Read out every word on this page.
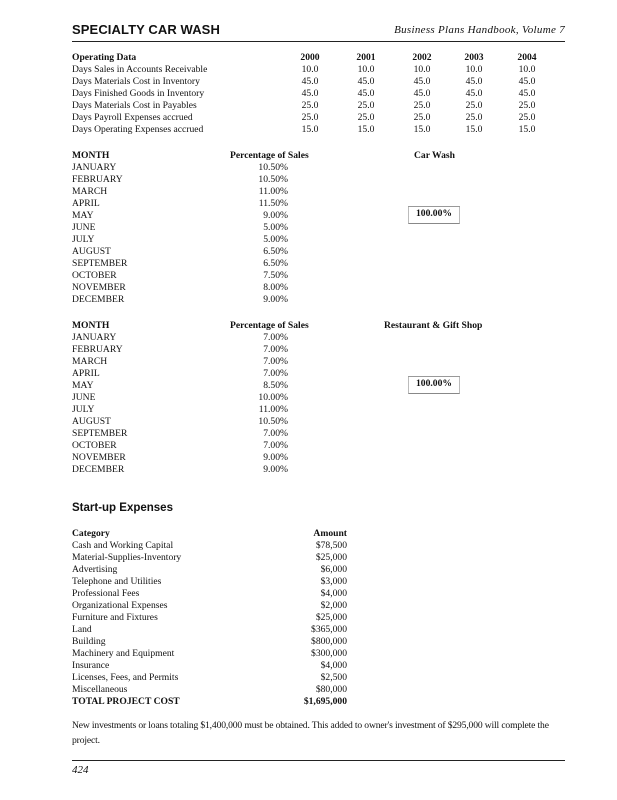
SPECIALTY CAR WASH	Business Plans Handbook, Volume 7
Operating Data	2000	2001	2002	2003	2004
Days Sales in Accounts Receivable	10.0	10.0	10.0	10.0	10.0
Days Materials Cost in Inventory	45.0	45.0	45.0	45.0	45.0
Days Finished Goods in Inventory	45.0	45.0	45.0	45.0	45.0
Days Materials Cost in Payables	25.0	25.0	25.0	25.0	25.0
Days Payroll Expenses accrued	25.0	25.0	25.0	25.0	25.0
Days Operating Expenses accrued	15.0	15.0	15.0	15.0	15.0
MONTH	Percentage of Sales	Car Wash
JANUARY	10.50%
FEBRUARY	10.50%
MARCH	11.00%
APRIL	11.50%
MAY	9.00%
JUNE	5.00%
JULY	5.00%
AUGUST	6.50%
SEPTEMBER	6.50%
OCTOBER	7.50%
NOVEMBER	8.00%
DECEMBER	9.00%
100.00%
MONTH	Percentage of Sales	Restaurant & Gift Shop
JANUARY	7.00%
FEBRUARY	7.00%
MARCH	7.00%
APRIL	7.00%
MAY	8.50%
JUNE	10.00%
JULY	11.00%
AUGUST	10.50%
SEPTEMBER	7.00%
OCTOBER	7.00%
NOVEMBER	9.00%
DECEMBER	9.00%
100.00%
Start-up Expenses
Category	Amount
Cash and Working Capital	$78,500
Material-Supplies-Inventory	$25,000
Advertising	$6,000
Telephone and Utilities	$3,000
Professional Fees	$4,000
Organizational Expenses	$2,000
Furniture and Fixtures	$25,000
Land	$365,000
Building	$800,000
Machinery and Equipment	$300,000
Insurance	$4,000
Licenses, Fees, and Permits	$2,500
Miscellaneous	$80,000
TOTAL PROJECT COST	$1,695,000
New investments or loans totaling $1,400,000 must be obtained. This added to owner's investment of $295,000 will complete the project.
424
